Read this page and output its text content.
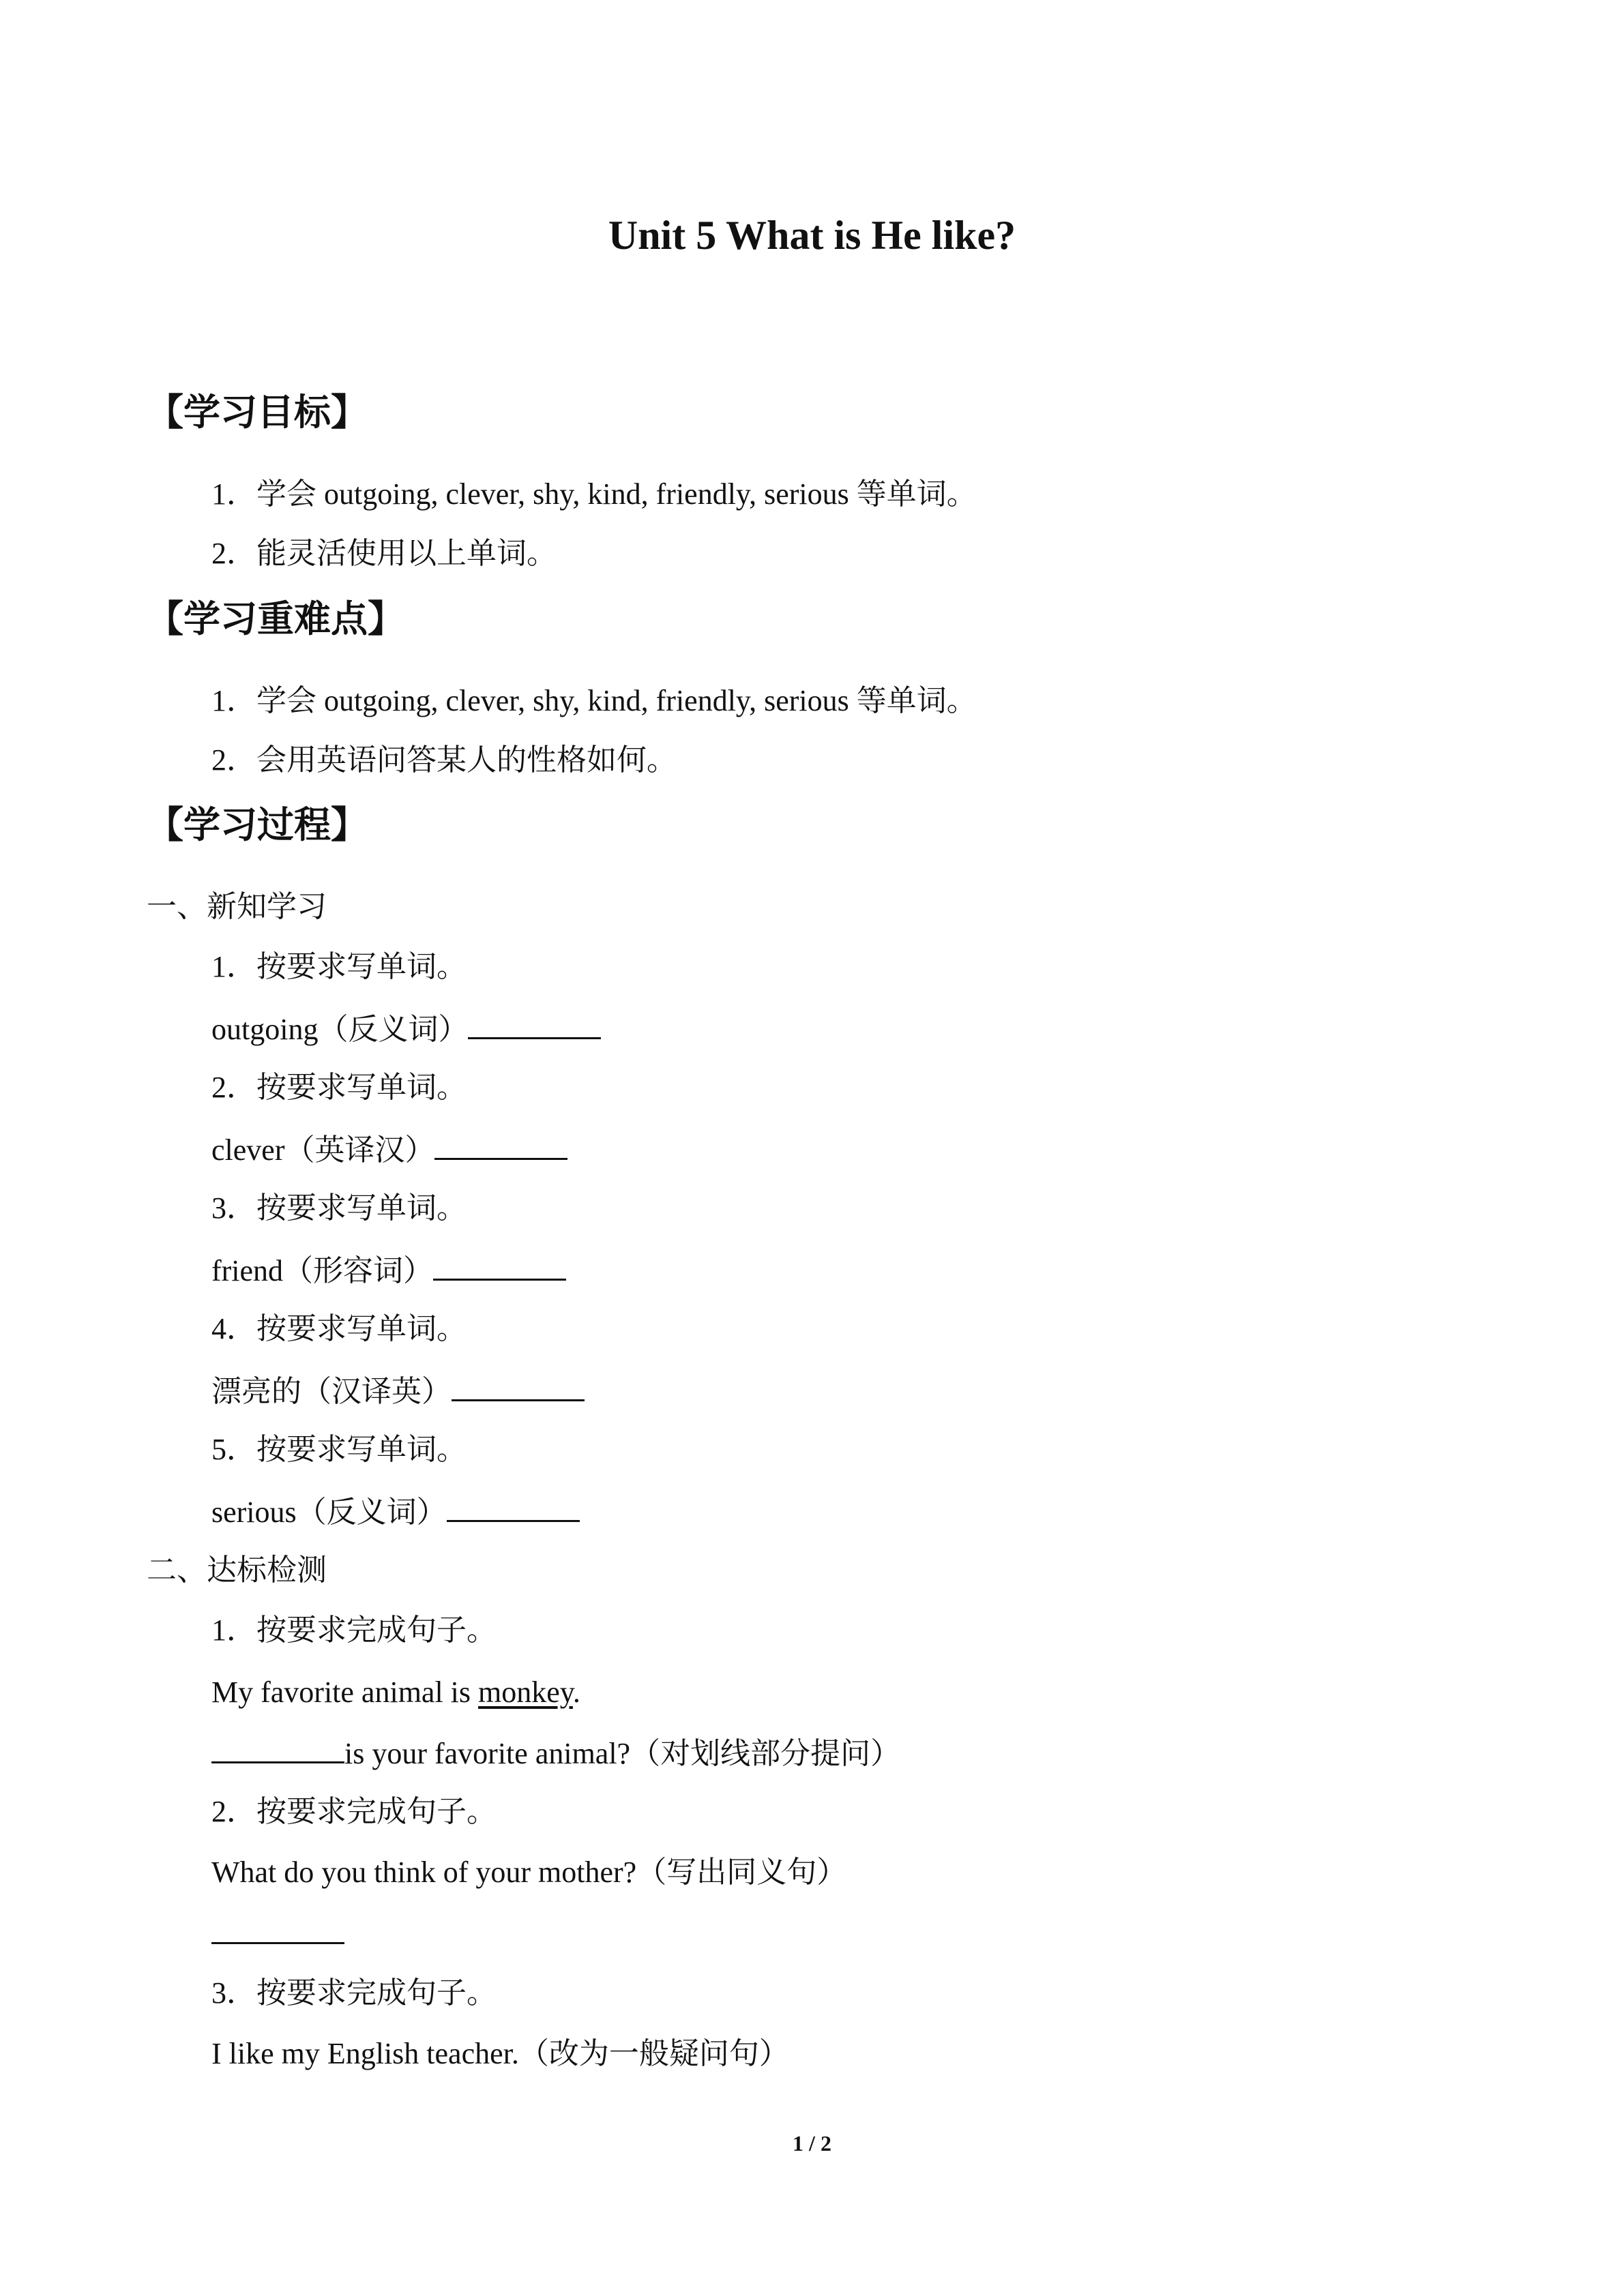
Unit 5 What is He like?
【学习目标】
1．学会 outgoing, clever, shy, kind, friendly, serious 等单词。
2．能灵活使用以上单词。
【学习重难点】
1．学会 outgoing, clever, shy, kind, friendly, serious 等单词。
2．会用英语问答某人的性格如何。
【学习过程】
一、新知学习
1．按要求写单词。
outgoing（反义词）
2．按要求写单词。
clever（英译汉）
3．按要求写单词。
friend（形容词）
4．按要求写单词。
漂亮的（汉译英）
5．按要求写单词。
serious（反义词）
二、达标检测
1．按要求完成句子。
My favorite animal is monkey.
is your favorite animal?（对划线部分提问）
2．按要求完成句子。
What do you think of your mother?（写出同义句）
3．按要求完成句子。
I like my English teacher.（改为一般疑问句）
1 / 2
